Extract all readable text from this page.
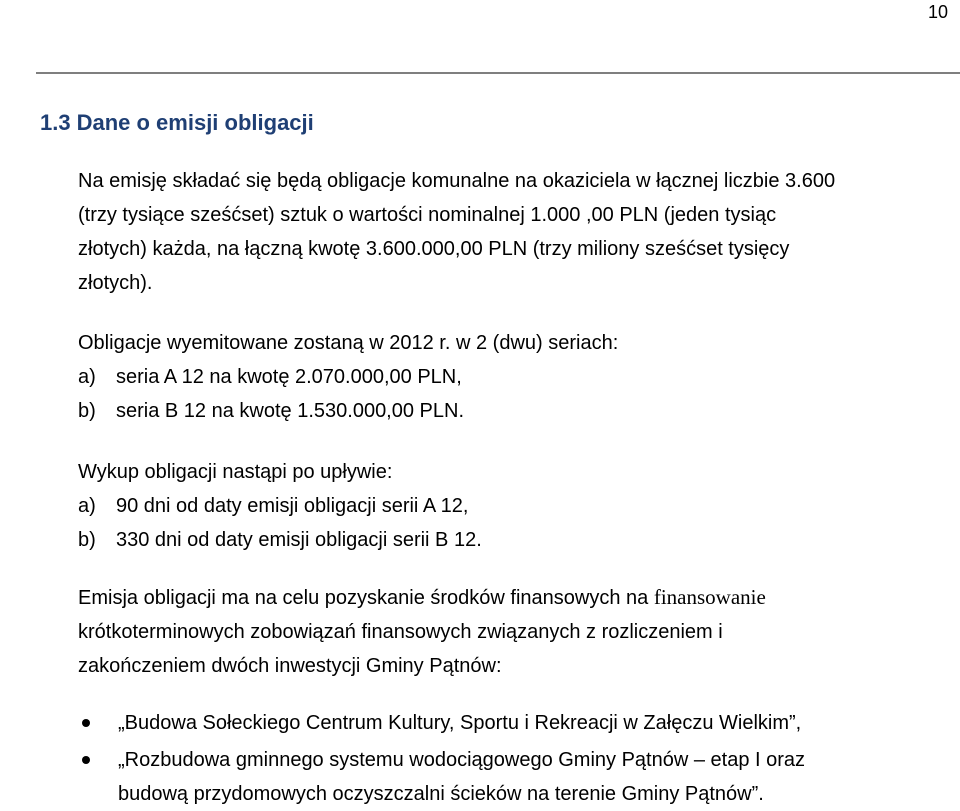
10
1.3 Dane o emisji obligacji

Na emisję składać się będą obligacje komunalne na okaziciela w łącznej liczbie 3.600
(trzy tysiące sześćset) sztuk o wartości nominalnej 1.000 ,00 PLN (jeden tysiąc
złotych) każda, na łączną kwotę 3.600.000,00 PLN (trzy miliony sześćset tysięcy
złotych).

Obligacje wyemitowane zostaną w 2012 r. w 2 (dwu) seriach:

a) seria A 12 na kwotę 2.070.000,00 PLN,

b) seria B 12 na kwotę 1.530.000,00 PLN.

Wykup obligacji nastąpi po upływie:

a) 90 dni od daty emisji obligacji serii A 12,

b) 330 dni od daty emisji obligacji serii B 12.

Emisja obligacji ma na celu pozyskanie środków finansowych na finansowanie
krótkoterminowych zobowiązań finansowych związanych z rozliczeniem i
zakończeniem dwóch inwestycji Gminy Pątnów:

„Budowa Sołeckiego Centrum Kultury, Sportu i Rekreacji w Załęczu Wielkim”,
„Rozbudowa gminnego systemu wodociągowego Gminy Pątnów – etap I oraz
budową przydomowych oczyszczalni ścieków na terenie Gminy Pątnów”.
